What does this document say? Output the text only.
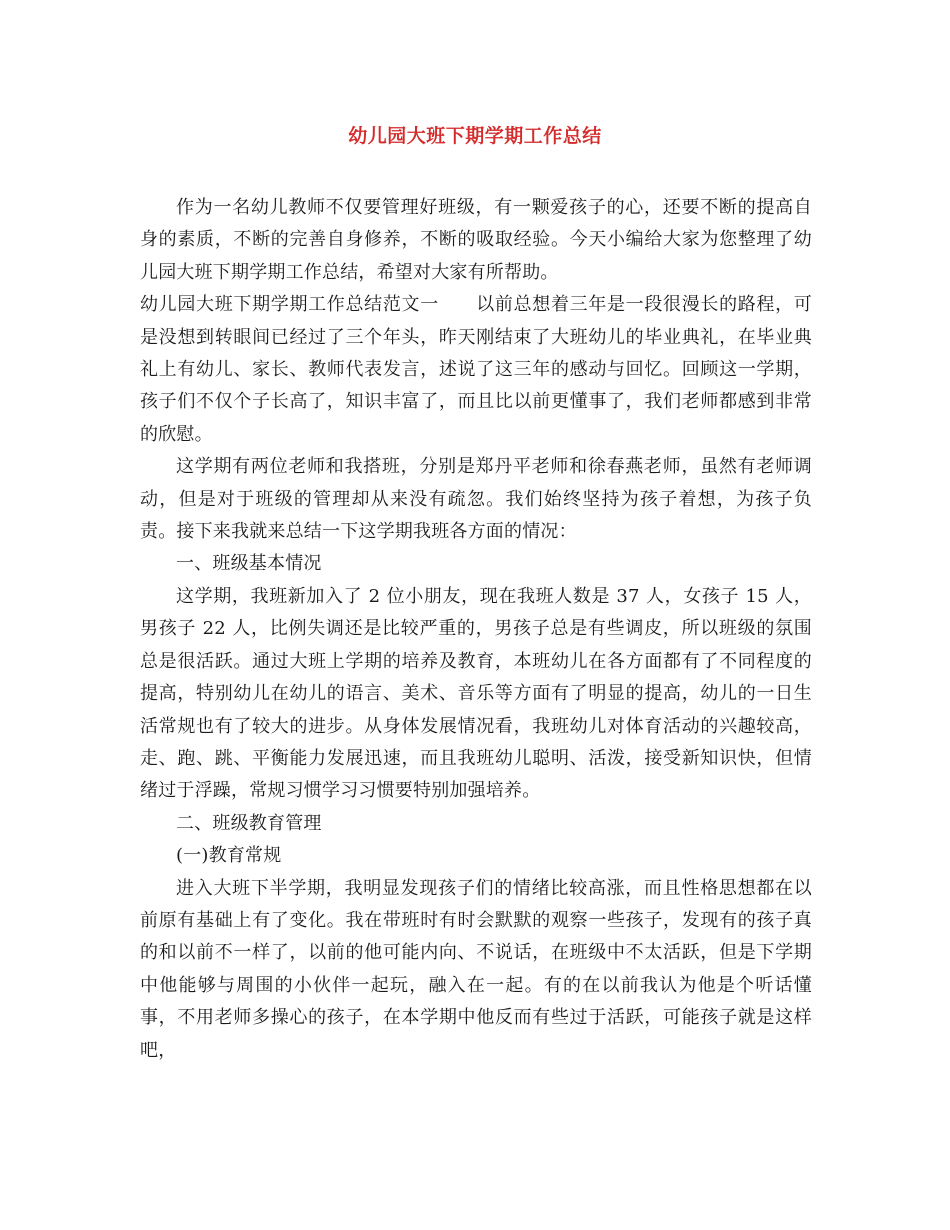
幼儿园大班下期学期工作总结

作为一名幼儿教师不仅要管理好班级，有一颗爱孩子的心，还要不断的提高自身的素质，不断的完善自身修养，不断的吸取经验。今天小编给大家为您整理了幼儿园大班下期学期工作总结，希望对大家有所帮助。

幼儿园大班下期学期工作总结范文一　　以前总想着三年是一段很漫长的路程，可是没想到转眼间已经过了三个年头，昨天刚结束了大班幼儿的毕业典礼，在毕业典礼上有幼儿、家长、教师代表发言，述说了这三年的感动与回忆。回顾这一学期，孩子们不仅个子长高了，知识丰富了，而且比以前更懂事了，我们老师都感到非常的欣慰。

这学期有两位老师和我搭班，分别是郑丹平老师和徐春燕老师，虽然有老师调动，但是对于班级的管理却从来没有疏忽。我们始终坚持为孩子着想，为孩子负责。接下来我就来总结一下这学期我班各方面的情况：

一、班级基本情况

这学期，我班新加入了 2 位小朋友，现在我班人数是 37 人，女孩子 15 人，男孩子 22 人，比例失调还是比较严重的，男孩子总是有些调皮，所以班级的氛围总是很活跃。通过大班上学期的培养及教育，本班幼儿在各方面都有了不同程度的提高，特别幼儿在幼儿的语言、美术、音乐等方面有了明显的提高，幼儿的一日生活常规也有了较大的进步。从身体发展情况看，我班幼儿对体育活动的兴趣较高，走、跑、跳、平衡能力发展迅速，而且我班幼儿聪明、活泼，接受新知识快，但情绪过于浮躁，常规习惯学习习惯要特别加强培养。

二、班级教育管理

(一)教育常规

进入大班下半学期，我明显发现孩子们的情绪比较高涨，而且性格思想都在以前原有基础上有了变化。我在带班时有时会默默的观察一些孩子，发现有的孩子真的和以前不一样了，以前的他可能内向、不说话，在班级中不太活跃，但是下学期中他能够与周围的小伙伴一起玩，融入在一起。有的在以前我认为他是个听话懂事，不用老师多操心的孩子，在本学期中他反而有些过于活跃，可能孩子就是这样吧，
